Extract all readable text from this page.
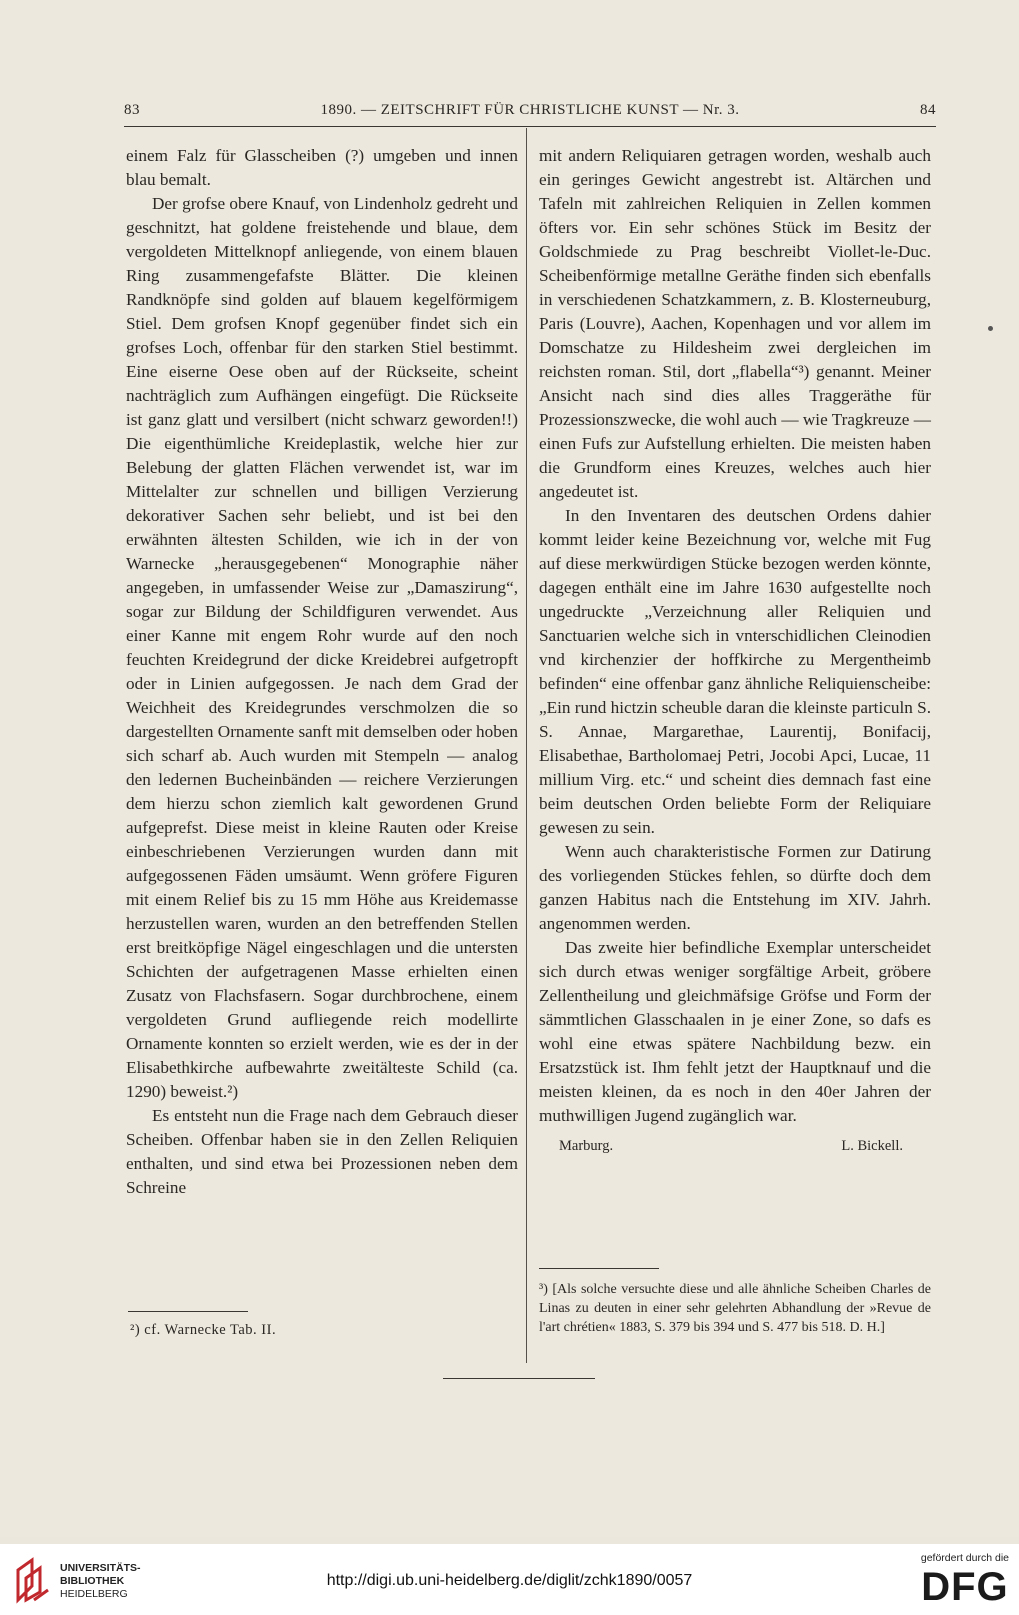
83	1890. — ZEITSCHRIFT FÜR CHRISTLICHE KUNST — Nr. 3.	84

einem Falz für Glasscheiben (?) umgeben und innen blau bemalt.

Der grofse obere Knauf, von Lindenholz gedreht und geschnitzt, hat goldene freistehende und blaue, dem vergoldeten Mittelknopf anliegende, von einem blauen Ring zusammengefafste Blätter. Die kleinen Randknöpfe sind golden auf blauem kegelförmigem Stiel. Dem grofsen Knopf gegenüber findet sich ein grofses Loch, offenbar für den starken Stiel bestimmt. Eine eiserne Oese oben auf der Rückseite, scheint nachträglich zum Aufhängen eingefügt. Die Rückseite ist ganz glatt und versilbert (nicht schwarz geworden!!) Die eigenthümliche Kreideplastik, welche hier zur Belebung der glatten Flächen verwendet ist, war im Mittelalter zur schnellen und billigen Verzierung dekorativer Sachen sehr beliebt, und ist bei den erwähnten ältesten Schilden, wie ich in der von Warnecke „herausgegebenen“ Monographie näher angegeben, in umfassender Weise zur „Damaszirung“, sogar zur Bildung der Schildfiguren verwendet. Aus einer Kanne mit engem Rohr wurde auf den noch feuchten Kreidegrund der dicke Kreidebrei aufgetropft oder in Linien aufgegossen. Je nach dem Grad der Weichheit des Kreidegrundes verschmolzen die so dargestellten Ornamente sanft mit demselben oder hoben sich scharf ab. Auch wurden mit Stempeln — analog den ledernen Bucheinbänden — reichere Verzierungen dem hierzu schon ziemlich kalt gewordenen Grund aufgeprefst. Diese meist in kleine Rauten oder Kreise einbeschriebenen Verzierungen wurden dann mit aufgegossenen Fäden umsäumt. Wenn gröfere Figuren mit einem Relief bis zu 15 mm Höhe aus Kreidemasse herzustellen waren, wurden an den betreffenden Stellen erst breitköpfige Nägel eingeschlagen und die untersten Schichten der aufgetragenen Masse erhielten einen Zusatz von Flachsfasern. Sogar durchbrochene, einem vergoldeten Grund aufliegende reich modellirte Ornamente konnten so erzielt werden, wie es der in der Elisabethkirche aufbewahrte zweitälteste Schild (ca. 1290) beweist.²)

Es entsteht nun die Frage nach dem Gebrauch dieser Scheiben. Offenbar haben sie in den Zellen Reliquien enthalten, und sind etwa bei Prozessionen neben dem Schreine

²) cf. Warnecke Tab. II.

mit andern Reliquiaren getragen worden, weshalb auch ein geringes Gewicht angestrebt ist. Altärchen und Tafeln mit zahlreichen Reliquien in Zellen kommen öfters vor. Ein sehr schönes Stück im Besitz der Goldschmiede zu Prag beschreibt Viollet-le-Duc. Scheibenförmige metallne Geräthe finden sich ebenfalls in verschiedenen Schatzkammern, z. B. Klosterneuburg, Paris (Louvre), Aachen, Kopenhagen und vor allem im Domschatze zu Hildesheim zwei dergleichen im reichsten roman. Stil, dort „flabella“³) genannt. Meiner Ansicht nach sind dies alles Traggeräthe für Prozessionszwecke, die wohl auch — wie Tragkreuze — einen Fufs zur Aufstellung erhielten. Die meisten haben die Grundform eines Kreuzes, welches auch hier angedeutet ist.

In den Inventaren des deutschen Ordens dahier kommt leider keine Bezeichnung vor, welche mit Fug auf diese merkwürdigen Stücke bezogen werden könnte, dagegen enthält eine im Jahre 1630 aufgestellte noch ungedruckte „Verzeichnung aller Reliquien und Sanctuarien welche sich in vnterschidlichen Cleinodien vnd kirchenzier der hoffkirche zu Mergentheimb befinden“ eine offenbar ganz ähnliche Reliquienscheibe: „Ein rund hictzin scheuble daran die kleinste particuln S. S. Annae, Margarethae, Laurentij, Bonifacij, Elisabethae, Bartholomaej Petri, Jocobi Apci, Lucae, 11 millium Virg. etc.“ und scheint dies demnach fast eine beim deutschen Orden beliebte Form der Reliquiare gewesen zu sein.

Wenn auch charakteristische Formen zur Datirung des vorliegenden Stückes fehlen, so dürfte doch dem ganzen Habitus nach die Entstehung im XIV. Jahrh. angenommen werden.

Das zweite hier befindliche Exemplar unterscheidet sich durch etwas weniger sorgfältige Arbeit, gröbere Zellentheilung und gleichmäfsige Gröfse und Form der sämmtlichen Glasschaalen in je einer Zone, so dafs es wohl eine etwas spätere Nachbildung bezw. ein Ersatzstück ist. Ihm fehlt jetzt der Hauptknauf und die meisten kleinen, da es noch in den 40er Jahren der muthwilligen Jugend zugänglich war.

Marburg.	L. Bickell.

³) [Als solche versuchte diese und alle ähnliche Scheiben Charles de Linas zu deuten in einer sehr gelehrten Abhandlung der »Revue de l'art chrétien« 1883, S. 379 bis 394 und S. 477 bis 518. D. H.]

UNIVERSITÄTS-
BIBLIOTHEK
HEIDELBERG
http://digi.ub.uni-heidelberg.de/diglit/zchk1890/0057
gefördert durch die
DFG
